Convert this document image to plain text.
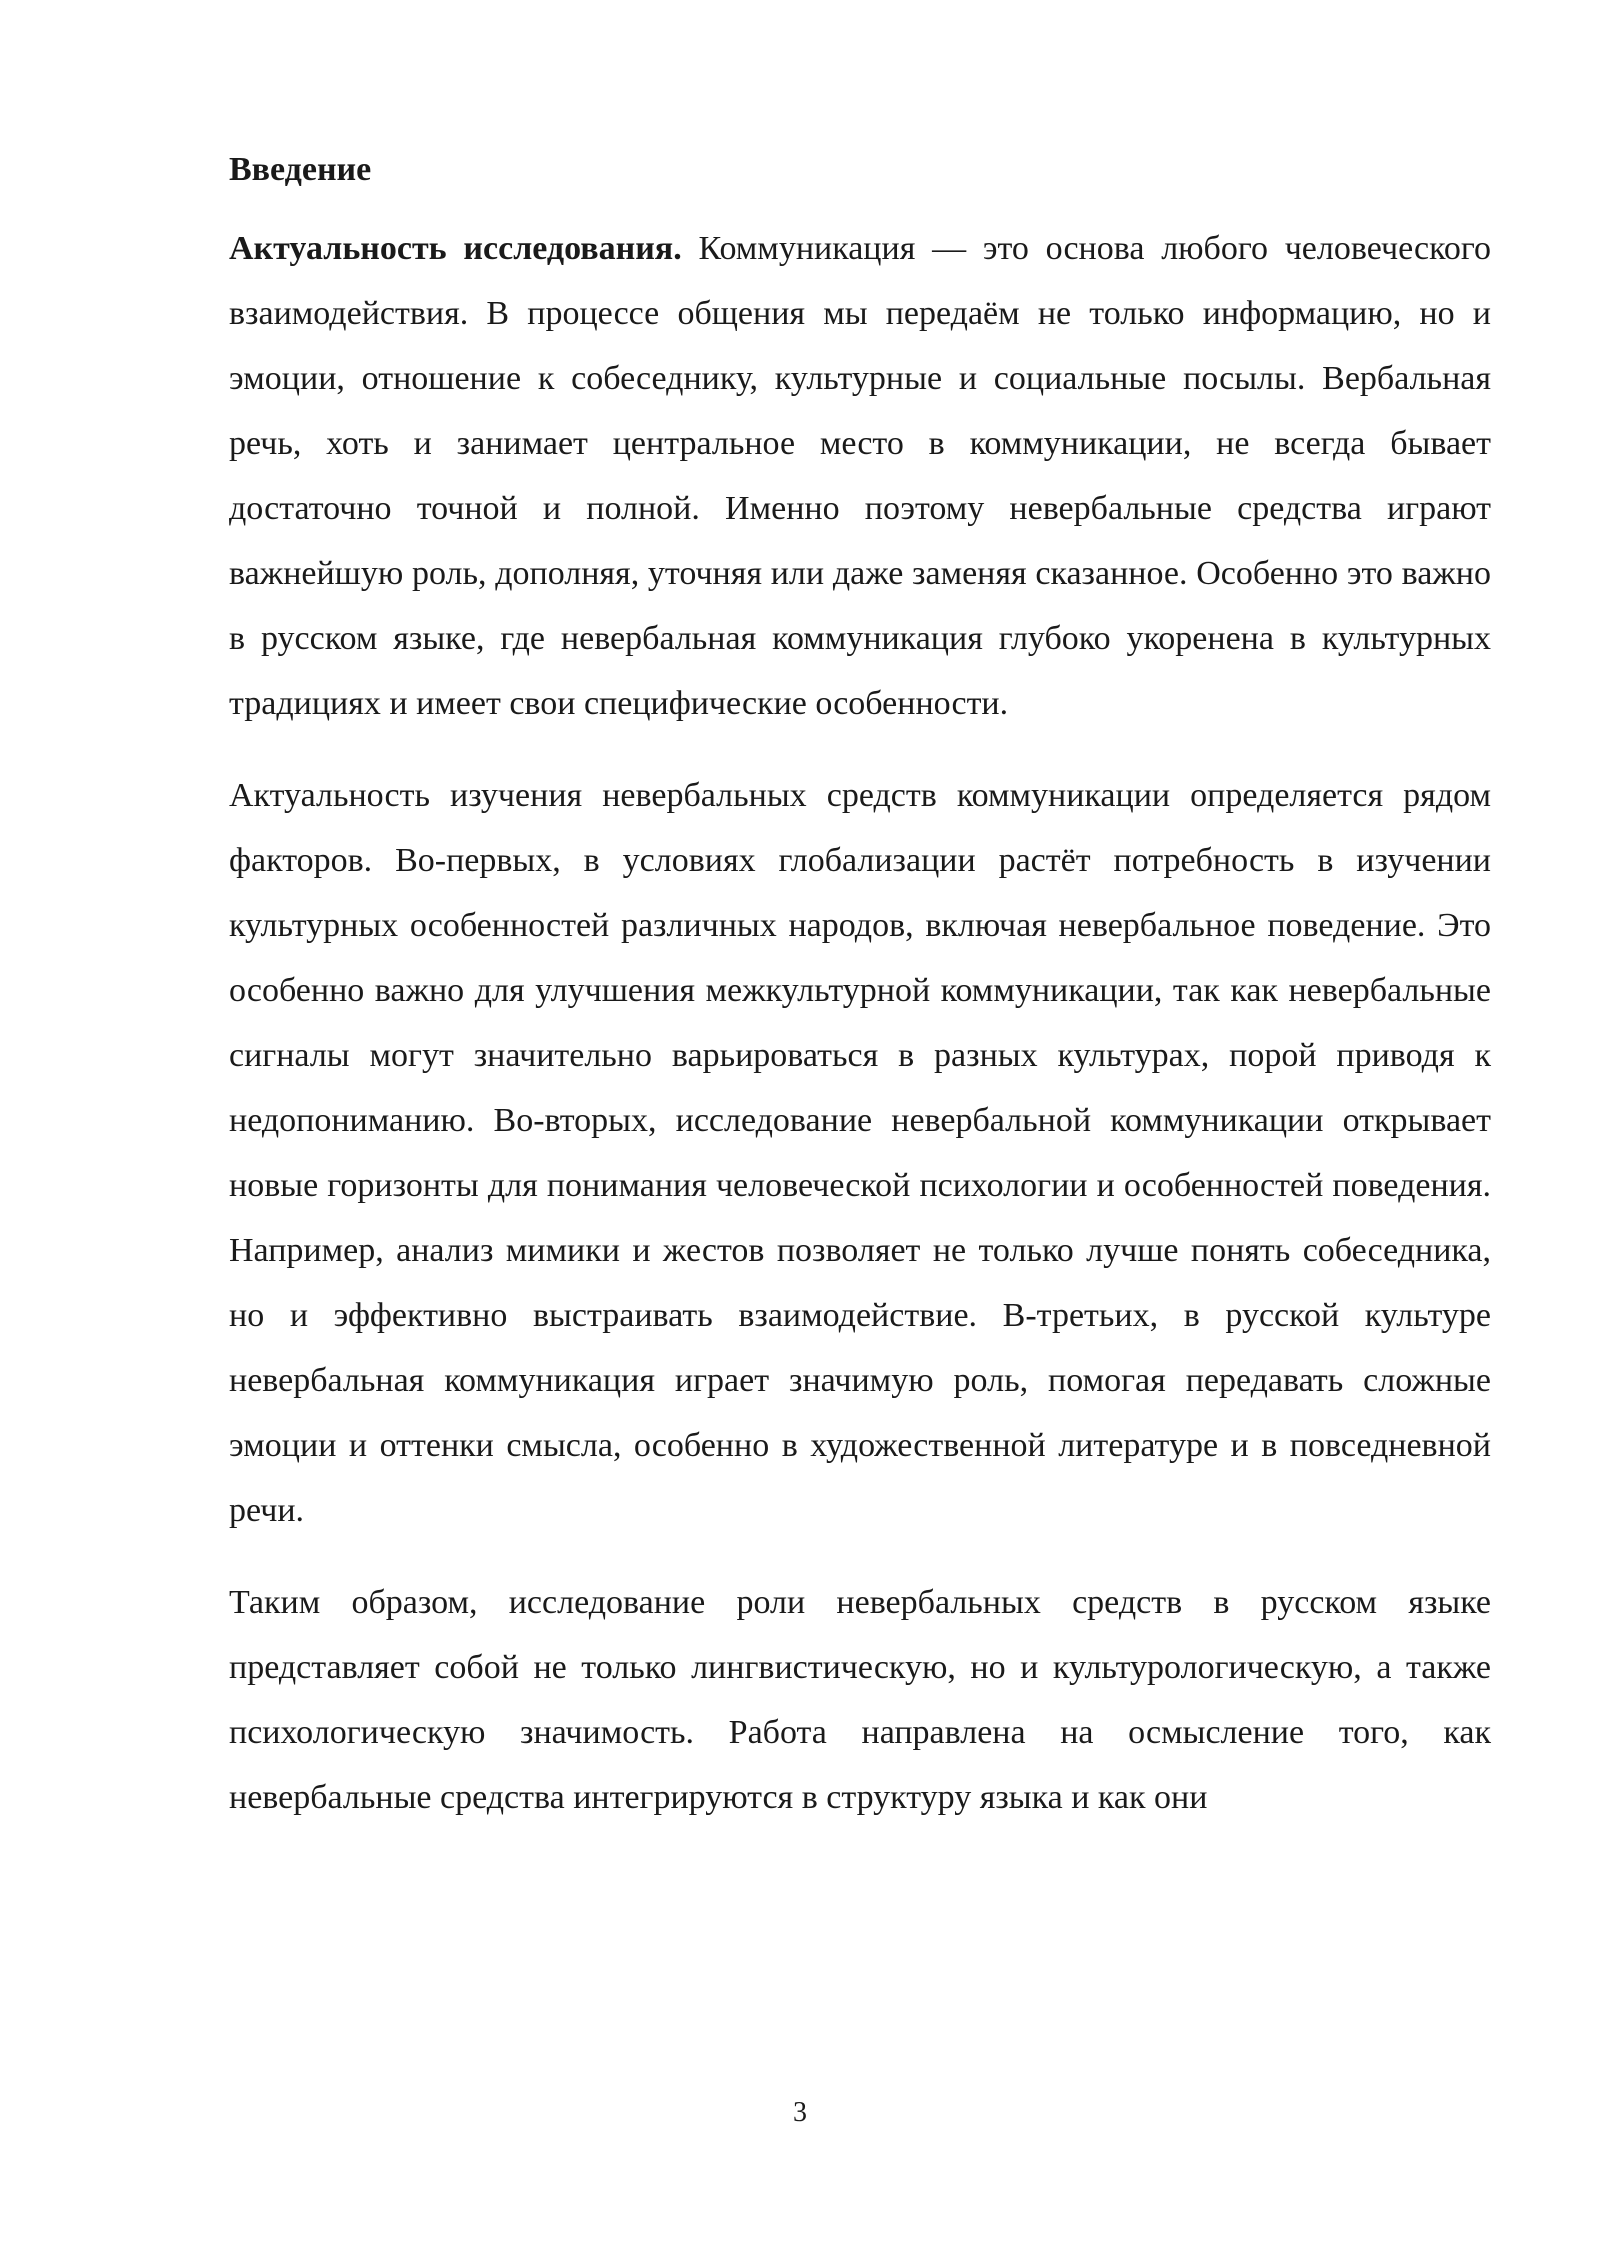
Введение

Актуальность исследования. Коммуникация — это основа любого человеческого взаимодействия. В процессе общения мы передаём не только информацию, но и эмоции, отношение к собеседнику, культурные и социальные посылы. Вербальная речь, хоть и занимает центральное место в коммуникации, не всегда бывает достаточно точной и полной. Именно поэтому невербальные средства играют важнейшую роль, дополняя, уточняя или даже заменяя сказанное. Особенно это важно в русском языке, где невербальная коммуникация глубоко укоренена в культурных традициях и имеет свои специфические особенности.

Актуальность изучения невербальных средств коммуникации определяется рядом факторов. Во-первых, в условиях глобализации растёт потребность в изучении культурных особенностей различных народов, включая невербальное поведение. Это особенно важно для улучшения межкультурной коммуникации, так как невербальные сигналы могут значительно варьироваться в разных культурах, порой приводя к недопониманию. Во-вторых, исследование невербальной коммуникации открывает новые горизонты для понимания человеческой психологии и особенностей поведения. Например, анализ мимики и жестов позволяет не только лучше понять собеседника, но и эффективно выстраивать взаимодействие. В-третьих, в русской культуре невербальная коммуникация играет значимую роль, помогая передавать сложные эмоции и оттенки смысла, особенно в художественной литературе и в повседневной речи.

Таким образом, исследование роли невербальных средств в русском языке представляет собой не только лингвистическую, но и культурологическую, а также психологическую значимость. Работа направлена на осмысление того, как невербальные средства интегрируются в структуру языка и как они

3
